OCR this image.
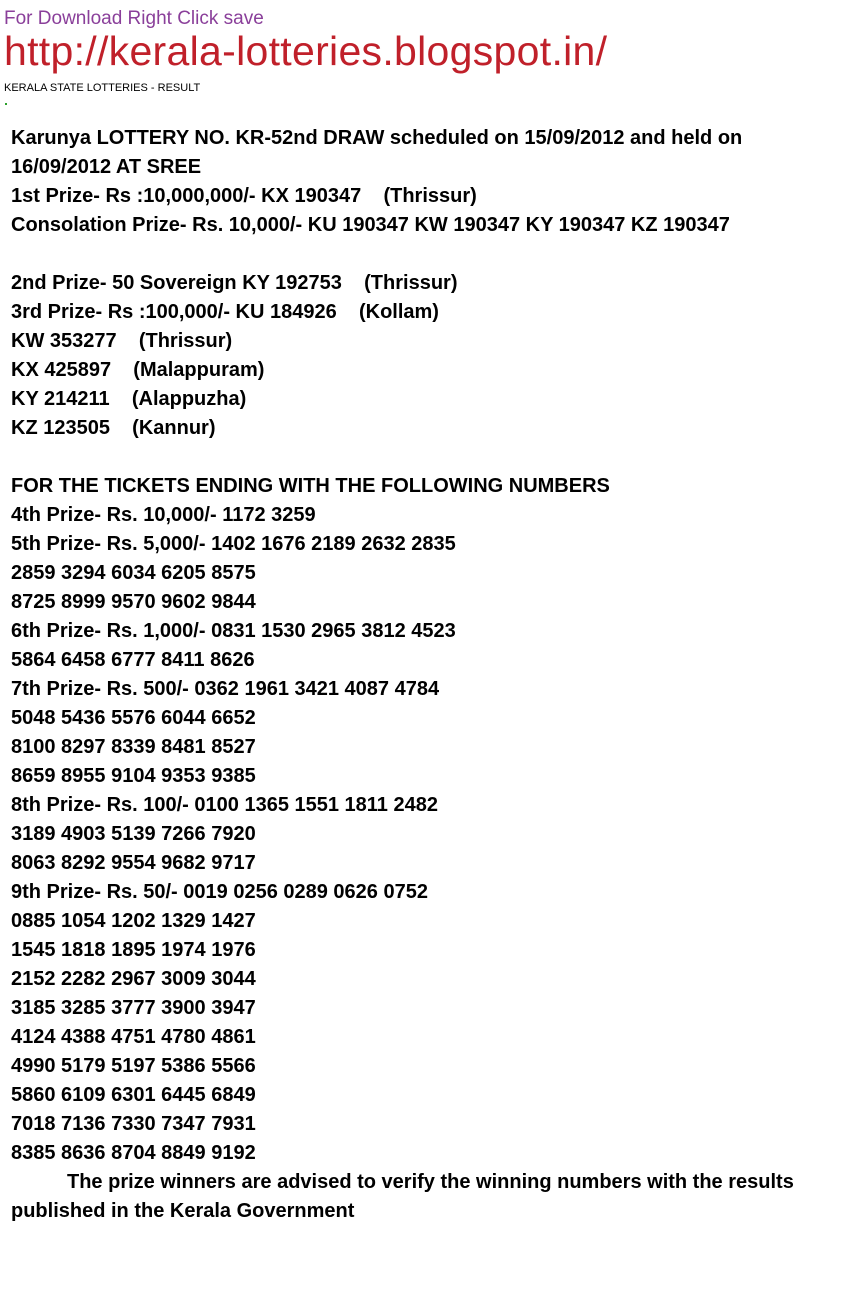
For Download Right Click save
http://kerala-lotteries.blogspot.in/
KERALA STATE LOTTERIES - RESULT
Karunya LOTTERY NO. KR-52nd DRAW scheduled on 15/09/2012 and held on
16/09/2012 AT SREE
1st Prize- Rs :10,000,000/- KX 190347    (Thrissur)
Consolation Prize- Rs. 10,000/- KU 190347 KW 190347 KY 190347 KZ 190347
2nd Prize- 50 Sovereign KY 192753    (Thrissur)
3rd Prize- Rs :100,000/- KU 184926    (Kollam)
KW 353277    (Thrissur)
KX 425897    (Malappuram)
KY 214211    (Alappuzha)
KZ 123505    (Kannur)
FOR THE TICKETS ENDING WITH THE FOLLOWING NUMBERS
4th Prize- Rs. 10,000/- 1172 3259
5th Prize- Rs. 5,000/- 1402 1676 2189 2632 2835
2859 3294 6034 6205 8575
8725 8999 9570 9602 9844
6th Prize- Rs. 1,000/- 0831 1530 2965 3812 4523
5864 6458 6777 8411 8626
7th Prize- Rs. 500/- 0362 1961 3421 4087 4784
5048 5436 5576 6044 6652
8100 8297 8339 8481 8527
8659 8955 9104 9353 9385
8th Prize- Rs. 100/- 0100 1365 1551 1811 2482
3189 4903 5139 7266 7920
8063 8292 9554 9682 9717
9th Prize- Rs. 50/- 0019 0256 0289 0626 0752
0885 1054 1202 1329 1427
1545 1818 1895 1974 1976
2152 2282 2967 3009 3044
3185 3285 3777 3900 3947
4124 4388 4751 4780 4861
4990 5179 5197 5386 5566
5860 6109 6301 6445 6849
7018 7136 7330 7347 7931
8385 8636 8704 8849 9192
The prize winners are advised to verify the winning numbers with the results published in the Kerala Government
